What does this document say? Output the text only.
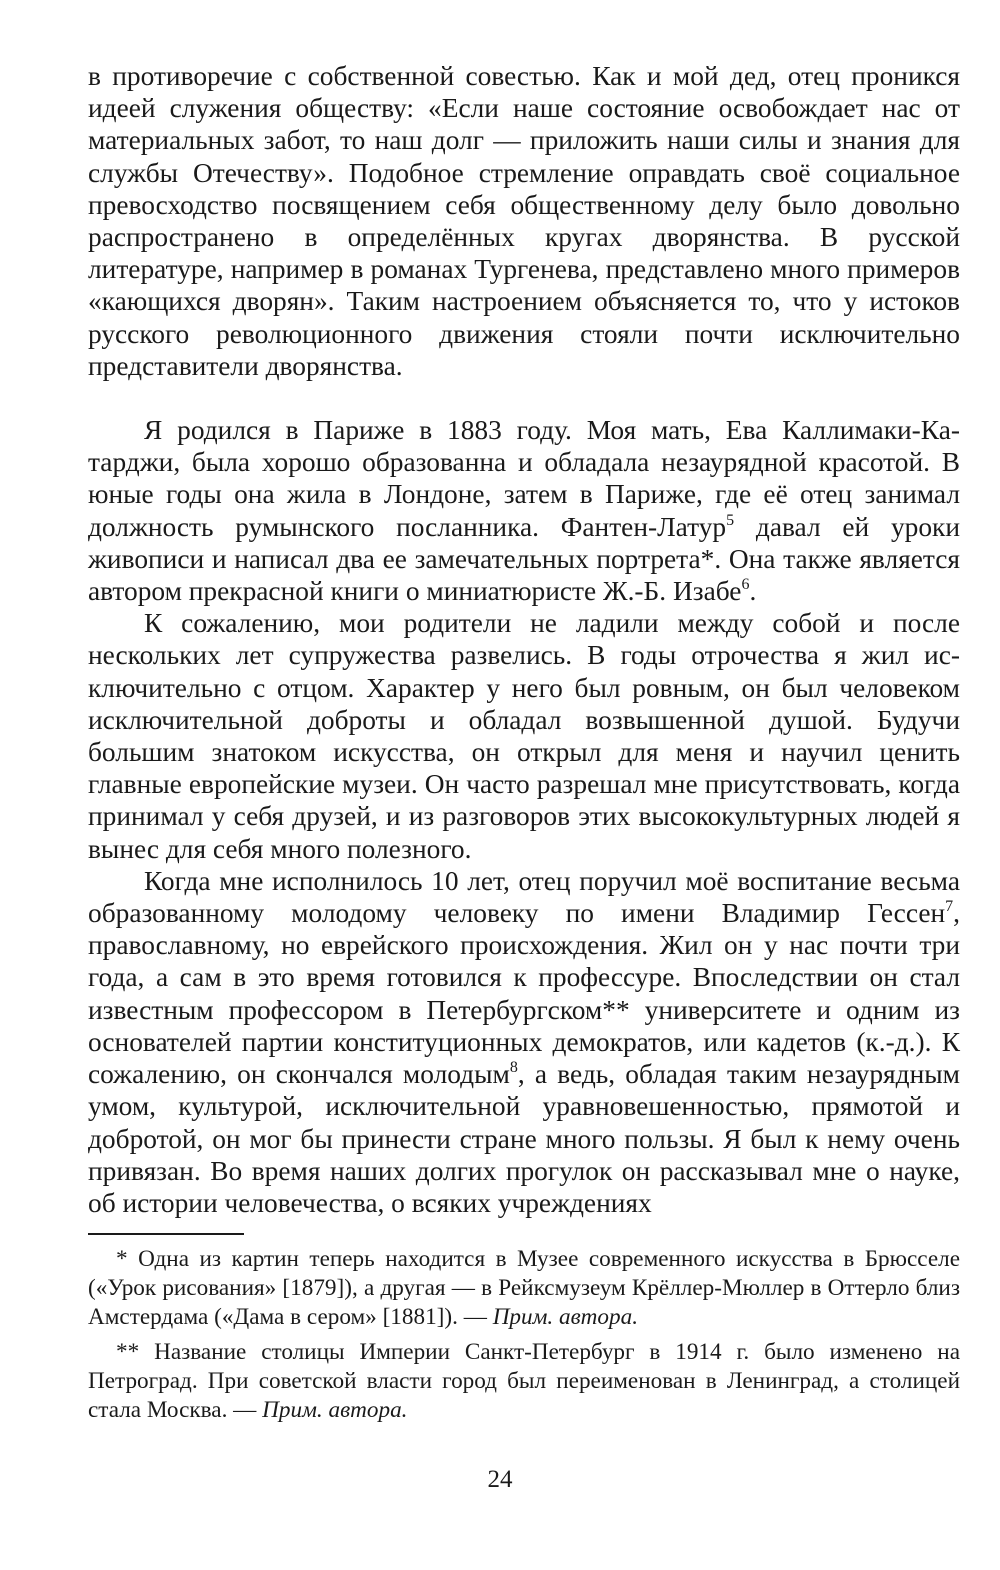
в противоречие с собственной совестью. Как и мой дед, отец проникся идеей служения обществу: «Если наше состояние освобождает нас от материальных забот, то наш долг — приложить наши силы и знания для службы Отечеству». Подобное стремление оправдать своё социальное превосходство посвящением себя общественному делу было довольно распространено в определённых кругах дворянства. В русской литературе, например в романах Тургенева, представлено много примеров «кающихся дворян». Таким настроением объясняется то, что у истоков русского революционного движения стояли почти исключительно представители дворянства.

Я родился в Париже в 1883 году. Моя мать, Ева Каллимаки-Катарджи, была хорошо образованна и обладала незаурядной красотой. В юные годы она жила в Лондоне, затем в Париже, где её отец занимал должность румынского посланника. Фантен-Латур$^5$ давал ей уроки живописи и написал два ее замечательных портрета*. Она также является автором прекрасной книги о миниатюристе Ж.-Б. Изабе$^6$.

К сожалению, мои родители не ладили между собой и после нескольких лет супружества развелись. В годы отрочества я жил исключительно с отцом. Характер у него был ровным, он был человеком исключительной доброты и обладал возвышенной душой. Будучи большим знатоком искусства, он открыл для меня и научил ценить главные европейские музеи. Он часто разрешал мне присутствовать, когда принимал у себя друзей, и из разговоров этих высококультурных людей я вынес для себя много полезного.

Когда мне исполнилось 10 лет, отец поручил моё воспитание весьма образованному молодому человеку по имени Владимир Гессен$^7$, православному, но еврейского происхождения. Жил он у нас почти три года, а сам в это время готовился к профессуре. Впоследствии он стал известным профессором в Петербургском** университете и одним из основателей партии конституционных демократов, или кадетов (к.-д.). К сожалению, он скончался молодым$^8$, а ведь, обладая таким незаурядным умом, культурой, исключительной уравновешенностью, прямотой и добротой, он мог бы принести стране много пользы. Я был к нему очень привязан. Во время наших долгих прогулок он рассказывал мне о науке, об истории человечества, о всяких учреждениях

* Одна из картин теперь находится в Музее современного искусства в Брюсселе («Урок рисования» [1879]), а другая — в Рейксмузеум Крёллер-Мюллер в Оттерло близ Амстердама («Дама в сером» [1881]). — Прим. автора.

** Название столицы Империи Санкт-Петербург в 1914 г. было изменено на Петроград. При советской власти город был переименован в Ленинград, а столицей стала Москва. — Прим. автора.

24
